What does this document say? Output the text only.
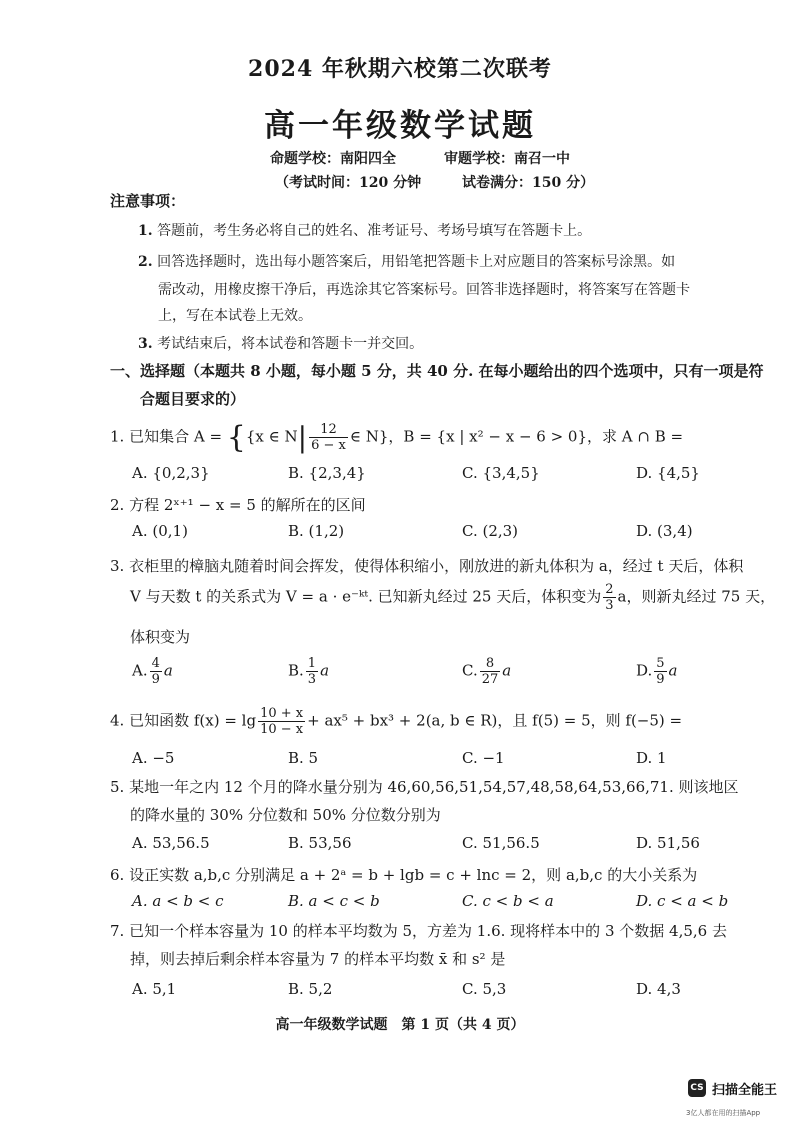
2024 年秋期六校第二次联考
高一年级数学试题
命题学校：南阳四全	审题学校：南召一中
（考试时间：120 分钟	试卷满分：150 分）
注意事项：
1. 答题前，考生务必将自己的姓名、准考证号、考场号填写在答题卡上。
2. 回答选择题时，选出每小题答案后，用铅笔把答题卡上对应题目的答案标号涂黑。如
需改动，用橡皮擦干净后，再选涂其它答案标号。回答非选择题时，将答案写在答题卡
上，写在本试卷上无效。
3. 考试结束后，将本试卷和答题卡一并交回。
一、选择题（本题共 8 小题，每小题 5 分，共 40 分. 在每小题给出的四个选项中，只有一项是符
合题目要求的）
1. 已知集合 A = {{x ∈ $N| \frac{12}{6 - x}$ ∈ N}，B = {x | x² − x − 6 > 0}，求 A ∩ B =
A. {0,2,3}	B. {2,3,4}	C. {3,4,5}	D. {4,5}
2. 方程 2ˣ⁺¹ − x = 5 的解所在的区间
A. (0,1)	B. (1,2)	C. (2,3)	D. (3,4)
3. 衣柜里的樟脑丸随着时间会挥发，使得体积缩小，刚放进的新丸体积为 a，经过 t 天后，体积
V 与天数 t 的关系式为 V = a · e⁻ᵏᵗ. 已知新丸经过 25 天后，体积变为 $\frac{2}{3}$ a，则新丸经过 75 天，
体积变为
A. $\frac{4}{9}$ a	B. $\frac{1}{3}$ a	C. $\frac{8}{27}$ a	D. $\frac{5}{9}$ a
4. 已知函数 $f(x) = \lg \frac{10 + x}{10 - x} + ax^5 + bx^3 + 2(a$, b ∈ R)，且 f(5) = 5，则 f(−5) =
A. −5	B. 5	C. −1	D. 1
5. 某地一年之内 12 个月的降水量分别为 46,60,56,51,54,57,48,58,64,53,66,71. 则该地区
的降水量的 30% 分位数和 50% 分位数分别为
A. 53,56.5	B. 53,56	C. 51,56.5	D. 51,56
6. 设正实数 a,b,c 分别满足 a + 2ᵃ = b + lgb = c + lnc = 2，则 a,b,c 的大小关系为
A. a < b < c	B. a < c < b	C. c < b < a	D. c < a < b
7. 已知一个样本容量为 10 的样本平均数为 5，方差为 1.6. 现将样本中的 3 个数据 4,5,6 去
掉，则去掉后剩余样本容量为 7 的样本平均数 x̄ 和 s² 是
A. 5,1	B. 5,2	C. 5,3	D. 4,3
高一年级数学试题　第 1 页（共 4 页）
CS 扫描全能王
3亿人都在用的扫描App
